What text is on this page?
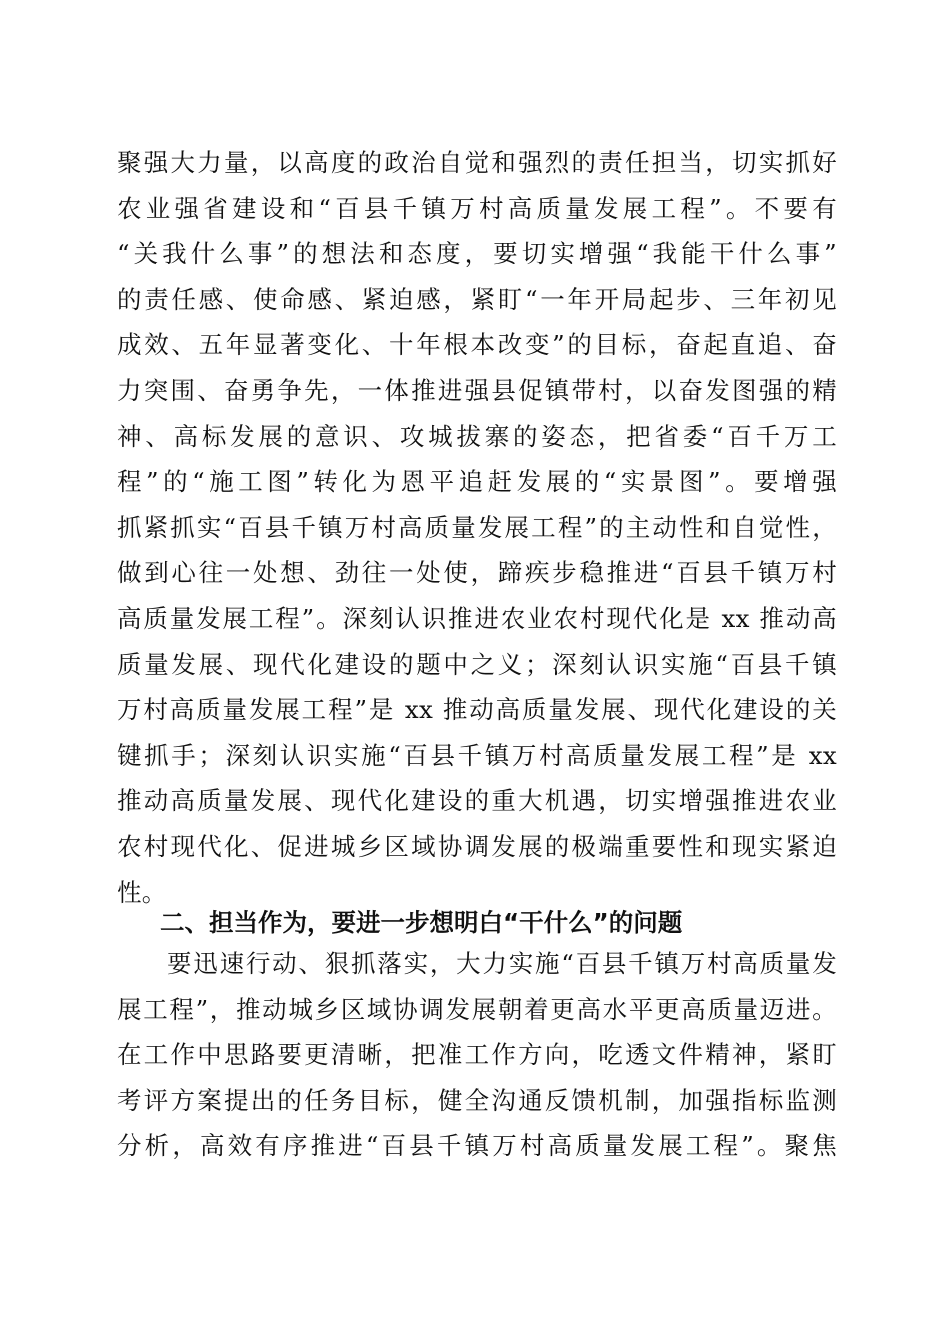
聚强大力量，以高度的政治自觉和强烈的责任担当，切实抓好
农业强省建设和“百县千镇万村高质量发展工程”。不要有
“关我什么事”的想法和态度，要切实增强“我能干什么事”
的责任感、使命感、紧迫感，紧盯“一年开局起步、三年初见
成效、五年显著变化、十年根本改变”的目标，奋起直追、奋
力突围、奋勇争先，一体推进强县促镇带村，以奋发图强的精
神、高标发展的意识、攻城拔寨的姿态，把省委“百千万工
程”的“施工图”转化为恩平追赶发展的“实景图”。要增强
抓紧抓实“百县千镇万村高质量发展工程”的主动性和自觉性，
做到心往一处想、劲往一处使，蹄疾步稳推进“百县千镇万村
高质量发展工程”。深刻认识推进农业农村现代化是 xx 推动高
质量发展、现代化建设的题中之义；深刻认识实施“百县千镇
万村高质量发展工程”是 xx 推动高质量发展、现代化建设的关
键抓手；深刻认识实施“百县千镇万村高质量发展工程”是 xx
推动高质量发展、现代化建设的重大机遇，切实增强推进农业
农村现代化、促进城乡区域协调发展的极端重要性和现实紧迫
性。
二、担当作为，要进一步想明白“干什么”的问题
要迅速行动、狠抓落实，大力实施“百县千镇万村高质量发
展工程”，推动城乡区域协调发展朝着更高水平更高质量迈进。
在工作中思路要更清晰，把准工作方向，吃透文件精神，紧盯
考评方案提出的任务目标，健全沟通反馈机制，加强指标监测
分析，高效有序推进“百县千镇万村高质量发展工程”。聚焦
